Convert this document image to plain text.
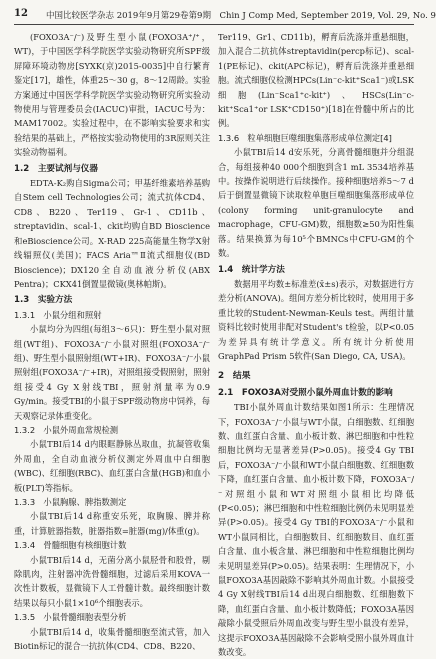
12 中国比较医学杂志 2019年9月第29卷第9期　Chin J Comp Med, September 2019, Vol. 29, No. 9

(FOXO3A⁻/⁻)及野生型小鼠(FOXO3A⁺/⁺，WT)，于中国医学科学院医学实验动物研究所SPF级屏障环境动物房[SYXK(京)2015-0035]中自行繁育鉴定[17]，雄性，体重25～30 g，8～12周龄。实验方案通过中国医学科学院医学实验动物研究所实验动物使用与管理委员会(IACUC)审批，IACUC号为：MAM17002。实验过程中，在不影响实验要求和实验结果的基础上，严格按实验动物使用的3R原则关注实验动物福利。

1.2　主要试剂与仪器

EDTA-K₂购自Sigma公司；甲基纤维素培养基购自Stem cell Technologies公司；流式抗体CD4、CD8、B220、Ter119、Gr-1、CD11b、streptavidin、scal-1、ckit均购自BD Bioscience和eBioscience公司。X-RAD 225高能量生物学X射线辐照仪(美国)；FACS Aria™Ⅱ流式细胞仪(BD Bioscience)；DX120全自动血液分析仪(ABX Pentra)；CKX41倒置显微镜(奥林帕斯)。

1.3　实验方法

1.3.1　小鼠分组和照射

小鼠均分为四组(每组3～6只)：野生型小鼠对照组(WT组)、FOXO3A⁻/⁻小鼠对照组(FOXO3A⁻/⁻组)、野生型小鼠照射组(WT+IR)、FOXO3A⁻/⁻小鼠照射组(FOXO3A⁻/⁻+IR)，对照组接受假照射，照射组接受4 Gy X射线TBI，照射剂量率为0.9 Gy/min。接受TBI的小鼠于SPF级动物房中饲养，每天观察记录体重变化。

1.3.2　小鼠外周血常规检测

小鼠TBI后14 d内眼眶静脉丛取血，抗凝管收集外周血，全自动血液分析仪测定外周血中白细胞(WBC)、红细胞(RBC)、血红蛋白含量(HGB)和血小板(PLT)等指标。

1.3.3　小鼠胸腺、脾指数测定

小鼠TBI后14 d称重安乐死，取胸腺、脾并称重，计算脏器指数，脏器指数=脏器(mg)/体重(g)。

1.3.4　骨髓细胞有核细胞计数

小鼠TBI后14 d，无菌分离小鼠胫骨和股骨，剔除肌肉，注射器冲洗骨髓细胞，过滤后采用KOVA一次性计数板，显微镜下人工骨髓计数。最终细胞计数结果以每只小鼠1×10⁶个细胞表示。

1.3.5　小鼠骨髓细胞表型分析

小鼠TBI后14 d，收集骨髓细胞至流式管，加入Biotin标记的混合一抗抗体(CD4、CD8、B220、

Ter119、Gr1、CD11b)，孵育后洗涤并重悬细胞，加入混合二抗抗体streptavidin(percp标记)、scal-1(PE标记)、ckit(APC标记)，孵育后洗涤并重悬细胞。流式细胞仪检测HPCs(Lin⁻c-kit⁺Sca1⁻)或LSK细胞(Lin⁻Sca1⁺c-kit⁺)、HSCs(Lin⁻c-kit⁺Sca1⁺or LSK⁺CD150⁺)[18]在骨髓中所占的比例。

1.3.6　粒单细胞巨噬细胞集落形成单位测定[4]

小鼠TBI后14 d安乐死，分离骨髓细胞并分组混合，每组接种40 000个细胞到含1 mL 3534培养基中。按操作说明进行后续操作。接种细胞培养5～7 d后于倒置显微镜下读取粒单胞巨噬细胞集落形成单位(colony forming unit-granulocyte and macrophage，CFU-GM)数，细胞数≥50为阳性集落。结果换算为每10⁵个BMNCs中CFU-GM的个数。

1.4　统计学方法

数据用平均数±标准差(x̄±s)表示，对数据进行方差分析(ANOVA)。组间方差分析比较时，使用用于多重比较的Student-Newman-Keuls test。两组计量资料比较时使用非配对Student's t检验，以P<0.05为差异具有统计学意义。所有统计分析使用GraphPad Prism 5软件(San Diego, CA, USA)。

2　结果

2.1　FOXO3A对受照小鼠外周血计数的影响

TBI小鼠外周血计数结果如图1所示：生理情况下，FOXO3A⁻/⁻小鼠与WT小鼠，白细胞数、红细胞数、血红蛋白含量、血小板计数、淋巴细胞和中性粒细胞比例均无显著差异(P>0.05)。接受4 Gy TBI后，FOXO3A⁻/⁻小鼠和WT小鼠白细胞数、红细胞数下降，血红蛋白含量、血小板计数下降，FOXO3A⁻/⁻对照组小鼠和WT对照组小鼠相比均降低(P<0.05)；淋巴细胞和中性粒细胞比例仍未见明显差异(P>0.05)。接受4 Gy TBI的FOXO3A⁻/⁻小鼠和WT小鼠同相比，白细胞数目、红细胞数目、血红蛋白含量、血小板含量、淋巴细胞和中性粒细胞比例均未见明显差异(P>0.05)。结果表明：生理情况下，小鼠FOXO3A基因敲除不影响其外周血计数。小鼠接受4 Gy X射线TBI后14 d出现白细胞数、红细胞数下降，血红蛋白含量、血小板计数降低；FOXO3A基因敲除小鼠受照后外周血改变与野生型小鼠没有差异，这提示FOXO3A基因敲除不会影响受照小鼠外周血计数改变。
